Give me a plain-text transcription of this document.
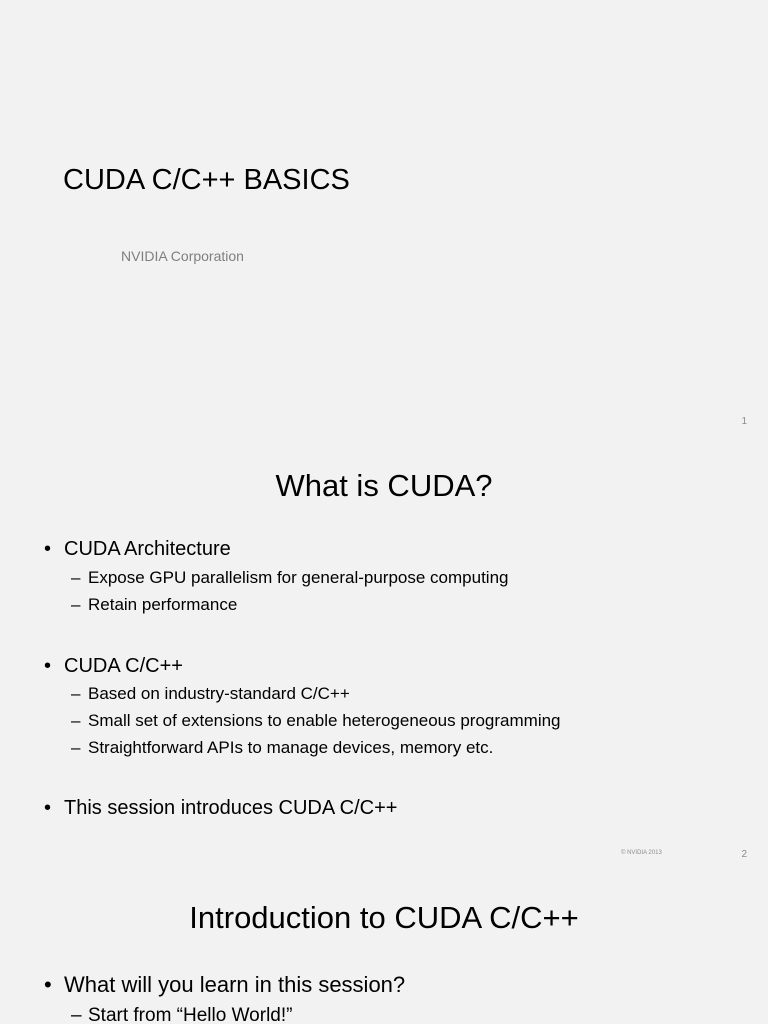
CUDA C/C++ BASICS

NVIDIA Corporation

1
What is CUDA?
• CUDA Architecture
– Expose GPU parallelism for general-purpose computing
– Retain performance
• CUDA C/C++
– Based on industry-standard C/C++
– Small set of extensions to enable heterogeneous programming
– Straightforward APIs to manage devices, memory etc.
• This session introduces CUDA C/C++
© NVIDIA 2013	2
Introduction to CUDA C/C++
• What will you learn in this session?
– Start from “Hello World!”
